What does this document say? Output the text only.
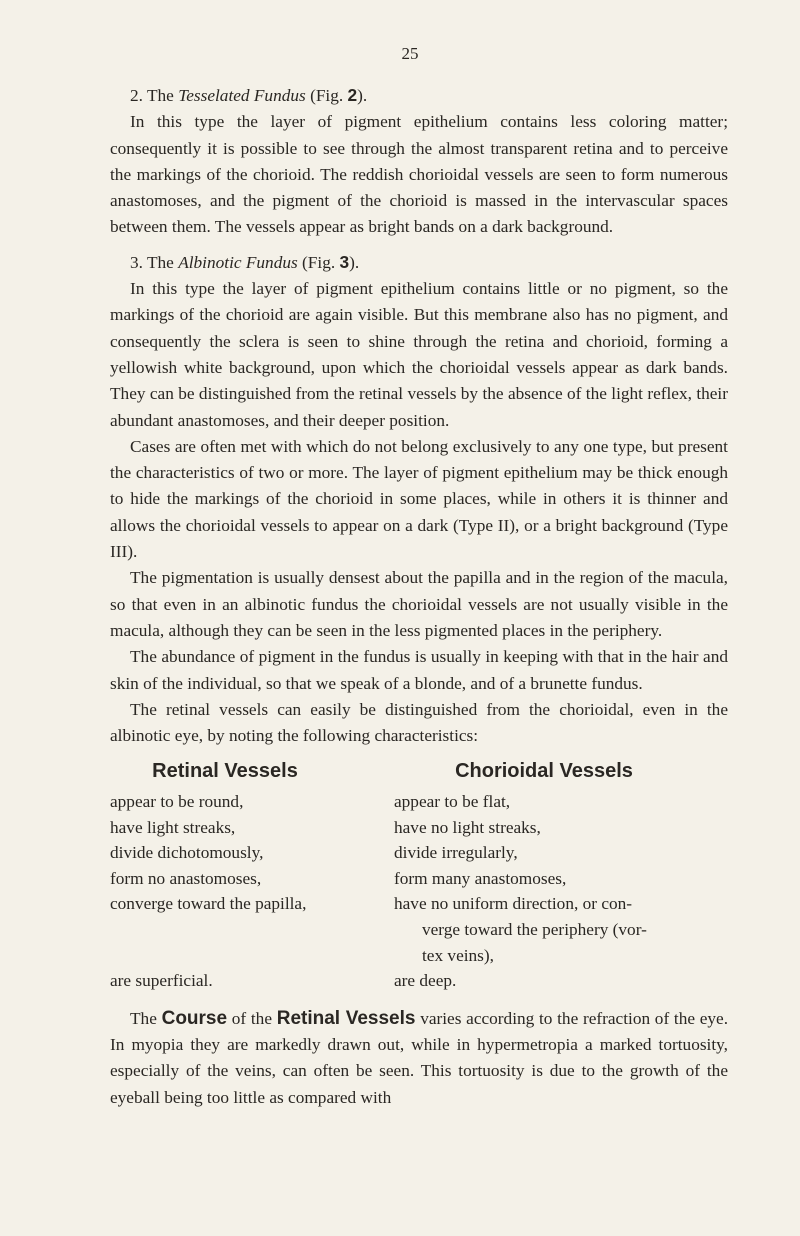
25

2. The Tesselated Fundus (Fig. 2).

In this type the layer of pigment epithelium contains less coloring matter; consequently it is possible to see through the almost transparent retina and to perceive the markings of the chorioid. The reddish chorioidal vessels are seen to form numerous anastomoses, and the pigment of the chorioid is massed in the intervascular spaces between them. The vessels appear as bright bands on a dark background.

3. The Albinotic Fundus (Fig. 3).

In this type the layer of pigment epithelium contains little or no pigment, so the markings of the chorioid are again visible. But this membrane also has no pigment, and consequently the sclera is seen to shine through the retina and chorioid, forming a yellowish white background, upon which the chorioidal vessels appear as dark bands. They can be distinguished from the retinal vessels by the absence of the light reflex, their abundant anastomoses, and their deeper position.

Cases are often met with which do not belong exclusively to any one type, but present the characteristics of two or more. The layer of pigment epithelium may be thick enough to hide the markings of the chorioid in some places, while in others it is thinner and allows the chorioidal vessels to appear on a dark (Type II), or a bright background (Type III).

The pigmentation is usually densest about the papilla and in the region of the macula, so that even in an albinotic fundus the chorioidal vessels are not usually visible in the macula, although they can be seen in the less pigmented places in the periphery.

The abundance of pigment in the fundus is usually in keeping with that in the hair and skin of the individual, so that we speak of a blonde, and of a brunette fundus.

The retinal vessels can easily be distinguished from the chorioidal, even in the albinotic eye, by noting the following characteristics:

Retinal Vessels
appear to be round,
have light streaks,
divide dichotomously,
form no anastomoses,
converge toward the papilla,
are superficial.
Chorioidal Vessels
appear to be flat,
have no light streaks,
divide irregularly,
form many anastomoses,
have no uniform direction, or con-
verge toward the periphery (vor-
tex veins),
are deep.

The Course of the Retinal Vessels varies according to the refraction of the eye. In myopia they are markedly drawn out, while in hypermetropia a marked tortuosity, especially of the veins, can often be seen. This tortuosity is due to the growth of the eyeball being too little as compared with
